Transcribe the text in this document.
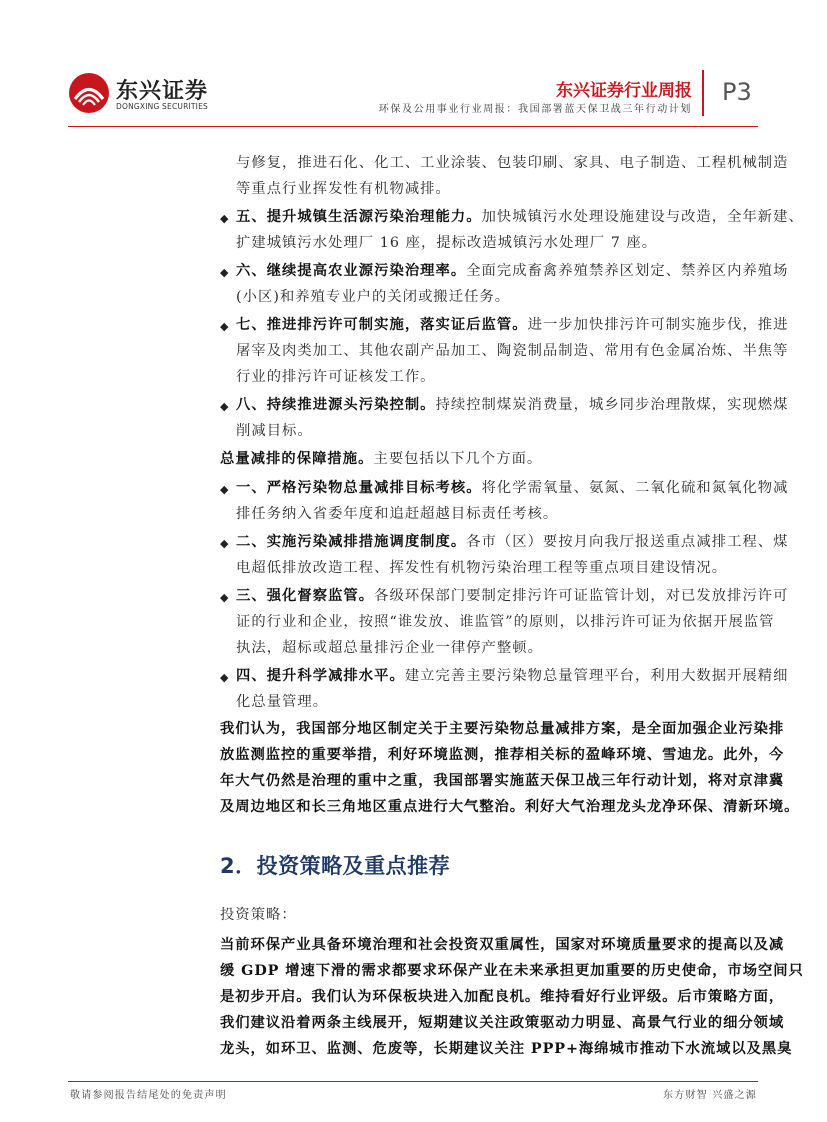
东兴证券
DONGXING SECURITIES
东兴证券行业周报
环保及公用事业行业周报：我国部署蓝天保卫战三年行动计划
P3
与修复，推进石化、化工、工业涂装、包装印刷、家具、电子制造、工程机械制造
等重点行业挥发性有机物减排。
◆ 五、提升城镇生活源污染治理能力。加快城镇污水处理设施建设与改造，全年新建、
扩建城镇污水处理厂 16 座，提标改造城镇污水处理厂 7 座。
◆ 六、继续提高农业源污染治理率。全面完成畜禽养殖禁养区划定、禁养区内养殖场
(小区)和养殖专业户的关闭或搬迁任务。
◆ 七、推进排污许可制实施，落实证后监管。进一步加快排污许可制实施步伐，推进
屠宰及肉类加工、其他农副产品加工、陶瓷制品制造、常用有色金属冶炼、半焦等
行业的排污许可证核发工作。
◆ 八、持续推进源头污染控制。持续控制煤炭消费量，城乡同步治理散煤，实现燃煤
削减目标。
总量减排的保障措施。主要包括以下几个方面。
◆ 一、严格污染物总量减排目标考核。将化学需氧量、氨氮、二氧化硫和氮氧化物减
排任务纳入省委年度和追赶超越目标责任考核。
◆ 二、实施污染减排措施调度制度。各市（区）要按月向我厅报送重点减排工程、煤
电超低排放改造工程、挥发性有机物污染治理工程等重点项目建设情况。
◆ 三、强化督察监管。各级环保部门要制定排污许可证监管计划，对已发放排污许可
证的行业和企业，按照“谁发放、谁监管”的原则，以排污许可证为依据开展监管
执法，超标或超总量排污企业一律停产整顿。
◆ 四、提升科学减排水平。建立完善主要污染物总量管理平台，利用大数据开展精细
化总量管理。
我们认为，我国部分地区制定关于主要污染物总量减排方案，是全面加强企业污染排
放监测监控的重要举措，利好环境监测，推荐相关标的盈峰环境、雪迪龙。此外，今
年大气仍然是治理的重中之重，我国部署实施蓝天保卫战三年行动计划，将对京津冀
及周边地区和长三角地区重点进行大气整治。利好大气治理龙头龙净环保、清新环境。
2．投资策略及重点推荐
投资策略：
当前环保产业具备环境治理和社会投资双重属性，国家对环境质量要求的提高以及减
缓 GDP 增速下滑的需求都要求环保产业在未来承担更加重要的历史使命，市场空间只
是初步开启。我们认为环保板块进入加配良机。维持看好行业评级。后市策略方面，
我们建议沿着两条主线展开，短期建议关注政策驱动力明显、高景气行业的细分领域
龙头，如环卫、监测、危废等，长期建议关注 PPP+海绵城市推动下水流域以及黑臭
敬请参阅报告结尾处的免责声明	东方财智 兴盛之源
